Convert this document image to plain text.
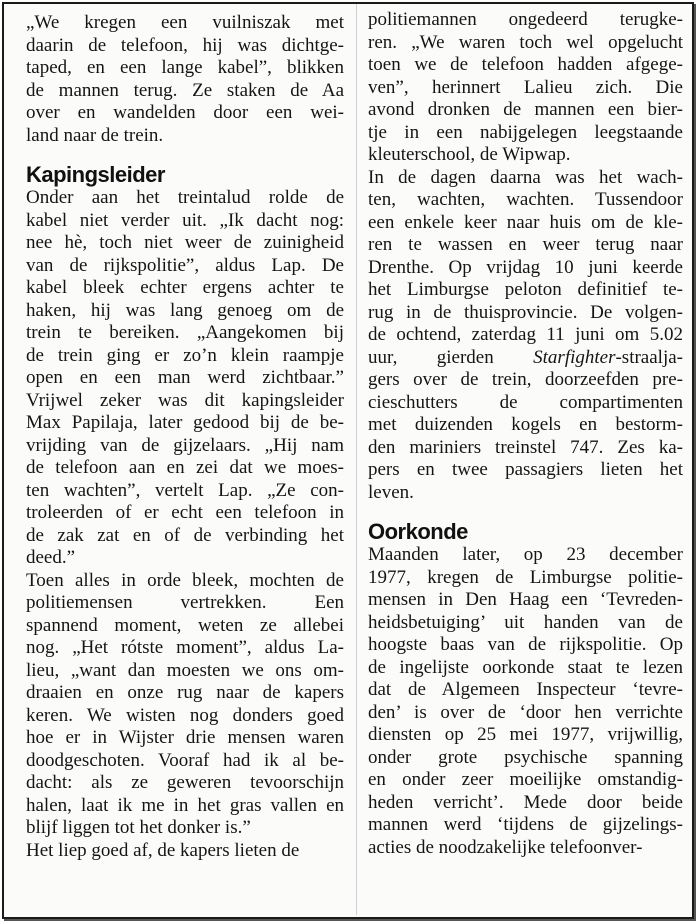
„We kregen een vuilniszak met
daarin de telefoon, hij was dichtge-
taped, en een lange kabel”, blikken
de mannen terug. Ze staken de Aa
over en wandelden door een wei-
land naar de trein.
Kapingsleider
Onder aan het treintalud rolde de
kabel niet verder uit. „Ik dacht nog:
nee hè, toch niet weer de zuinigheid
van de rijkspolitie”, aldus Lap. De
kabel bleek echter ergens achter te
haken, hij was lang genoeg om de
trein te bereiken. „Aangekomen bij
de trein ging er zo’n klein raampje
open en een man werd zichtbaar.”
Vrijwel zeker was dit kapingsleider
Max Papilaja, later gedood bij de be-
vrijding van de gijzelaars. „Hij nam
de telefoon aan en zei dat we moes-
ten wachten”, vertelt Lap. „Ze con-
troleerden of er echt een telefoon in
de zak zat en of de verbinding het
deed.”
Toen alles in orde bleek, mochten de
politiemensen vertrekken. Een
spannend moment, weten ze allebei
nog. „Het rótste moment”, aldus La-
lieu, „want dan moesten we ons om-
draaien en onze rug naar de kapers
keren. We wisten nog donders goed
hoe er in Wijster drie mensen waren
doodgeschoten. Vooraf had ik al be-
dacht: als ze geweren tevoorschijn
halen, laat ik me in het gras vallen en
blijf liggen tot het donker is.”
Het liep goed af, de kapers lieten de
politiemannen ongedeerd terugke-
ren. „We waren toch wel opgelucht
toen we de telefoon hadden afgege-
ven”, herinnert Lalieu zich. Die
avond dronken de mannen een bier-
tje in een nabijgelegen leegstaande
kleuterschool, de Wipwap.
In de dagen daarna was het wach-
ten, wachten, wachten. Tussendoor
een enkele keer naar huis om de kle-
ren te wassen en weer terug naar
Drenthe. Op vrijdag 10 juni keerde
het Limburgse peloton definitief te-
rug in de thuisprovincie. De volgen-
de ochtend, zaterdag 11 juni om 5.02
uur, gierden Starfighter-straalja-
gers over de trein, doorzeefden pre-
cieschutters de compartimenten
met duizenden kogels en bestorm-
den mariniers treinstel 747. Zes ka-
pers en twee passagiers lieten het
leven.
Oorkonde
Maanden later, op 23 december
1977, kregen de Limburgse politie-
mensen in Den Haag een ‘Tevreden-
heidsbetuiging’ uit handen van de
hoogste baas van de rijkspolitie. Op
de ingelijste oorkonde staat te lezen
dat de Algemeen Inspecteur ‘tevre-
den’ is over de ‘door hen verrichte
diensten op 25 mei 1977, vrijwillig,
onder grote psychische spanning
en onder zeer moeilijke omstandig-
heden verricht’. Mede door beide
mannen werd ‘tijdens de gijzelings-
acties de noodzakelijke telefoonver-
